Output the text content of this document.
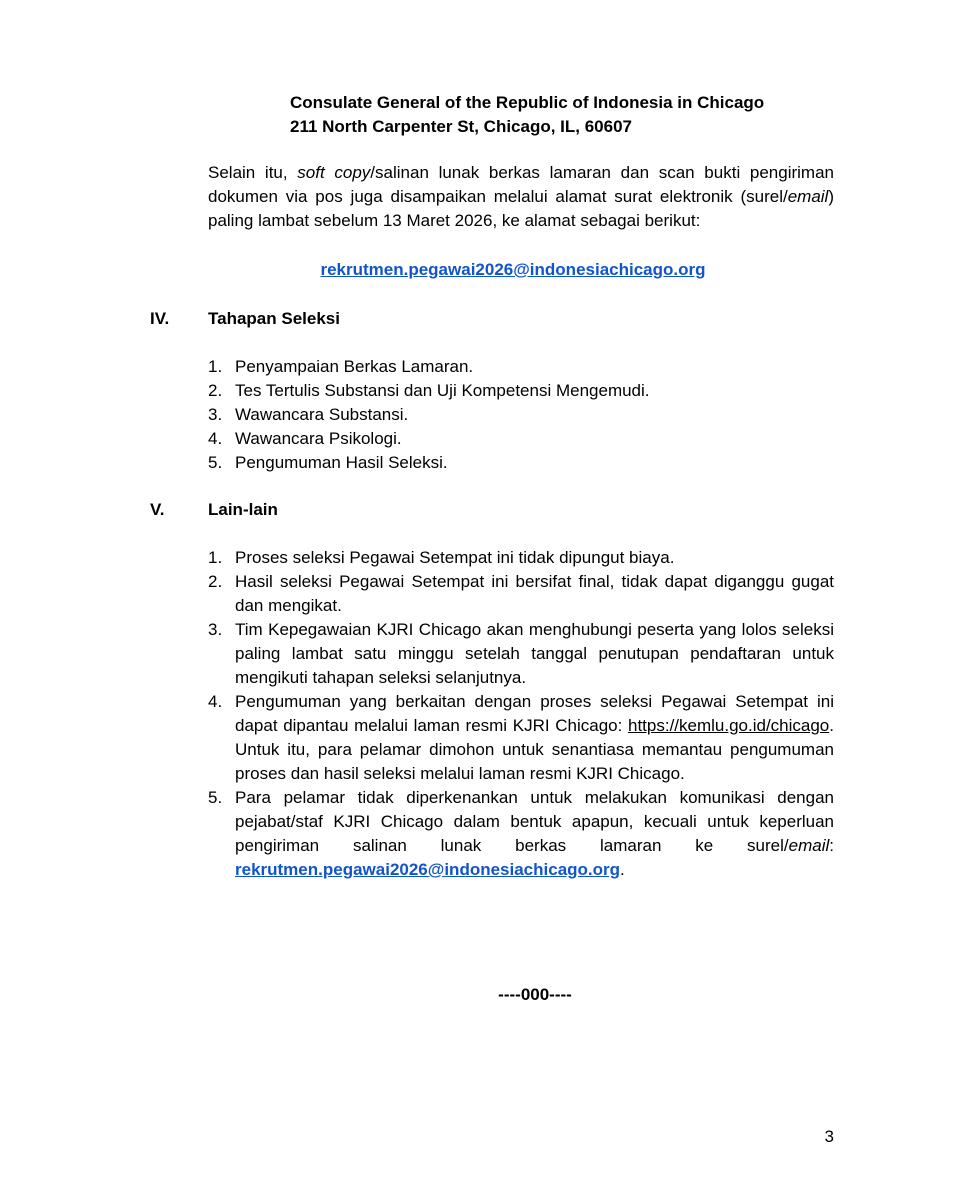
Consulate General of the Republic of Indonesia in Chicago
211 North Carpenter St, Chicago, IL, 60607

Selain itu, soft copy/salinan lunak berkas lamaran dan scan bukti pengiriman dokumen via pos juga disampaikan melalui alamat surat elektronik (surel/email) paling lambat sebelum 13 Maret 2026, ke alamat sebagai berikut:

rekrutmen.pegawai2026@indonesiachicago.org
IV. Tahapan Seleksi
1. Penyampaian Berkas Lamaran.
2. Tes Tertulis Substansi dan Uji Kompetensi Mengemudi.
3. Wawancara Substansi.
4. Wawancara Psikologi.
5. Pengumuman Hasil Seleksi.
V.	Lain-lain
1. Proses seleksi Pegawai Setempat ini tidak dipungut biaya.
2. Hasil seleksi Pegawai Setempat ini bersifat final, tidak dapat diganggu gugat dan mengikat.
3. Tim Kepegawaian KJRI Chicago akan menghubungi peserta yang lolos seleksi paling lambat satu minggu setelah tanggal penutupan pendaftaran untuk mengikuti tahapan seleksi selanjutnya.
4. Pengumuman yang berkaitan dengan proses seleksi Pegawai Setempat ini dapat dipantau melalui laman resmi KJRI Chicago: https://kemlu.go.id/chicago. Untuk itu, para pelamar dimohon untuk senantiasa memantau pengumuman proses dan hasil seleksi melalui laman resmi KJRI Chicago.
5. Para pelamar tidak diperkenankan untuk melakukan komunikasi dengan pejabat/staf KJRI Chicago dalam bentuk apapun, kecuali untuk keperluan pengiriman salinan lunak berkas lamaran ke surel/email: rekrutmen.pegawai2026@indonesiachicago.org.
----000----
3
